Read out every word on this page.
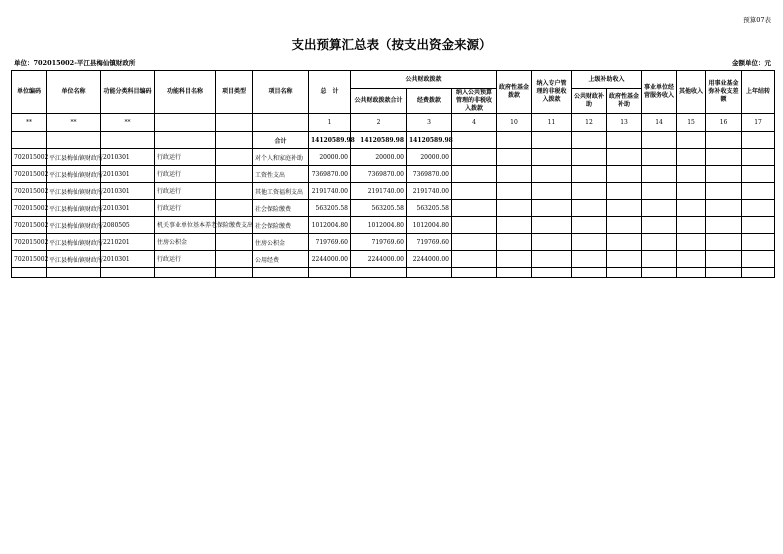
预算07表
支出预算汇总表（按支出资金来源）
单位：702015002-平江县梅仙镇财政所	金额单位：元
单位编码	单位名称	功能分类科目编码	功能科目名称	项目类型	项目名称	总　计	公共财政拨款			政府性基金拨款	纳入专户管理的非税收入拨款	上级补助收入		事业单位经营服务收入	其他收入	用事业基金弥补收支差额	上年结转
							公共财政拨款合计	经费拨款	纳入公共预算管理的非税收入拨款								
												公共财政补助	政府性基金补助				
**	**	**				1	2	3	4	10	11	12	13	14	15	16	17
					合计	14120589.98	14120589.98	14120589.98									
702015002	平江县梅仙镇财政所	2010301	行政运行		对个人和家庭补助	20000.00	20000.00	20000.00									
702015002	平江县梅仙镇财政所	2010301	行政运行		工资性支出	7369870.00	7369870.00	7369870.00									
702015002	平江县梅仙镇财政所	2010301	行政运行		其他工资福利支出	2191740.00	2191740.00	2191740.00									
702015002	平江县梅仙镇财政所	2010301	行政运行		社会保险缴费	563205.58	563205.58	563205.58									
702015002	平江县梅仙镇财政所	2080505	机关事业单位基本养老保险缴费支出		社会保险缴费	1012004.80	1012004.80	1012004.80									
702015002	平江县梅仙镇财政所	2210201	住房公积金		住房公积金	719769.60	719769.60	719769.60									
702015002	平江县梅仙镇财政所	2010301	行政运行		公用经费	2244000.00	2244000.00	2244000.00									
